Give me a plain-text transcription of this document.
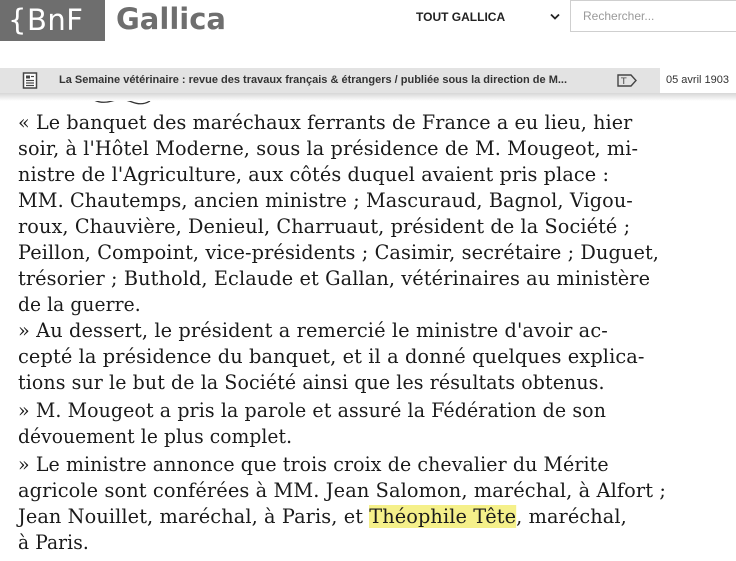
{BnF	Gallica	TOUT GALLICA
Rechercher...
La Semaine vétérinaire : revue des travaux français & étrangers / publiée sous la direction de M...	T	05 avril 1903
« Le banquet des maréchaux ferrants de France a eu lieu, hier
soir, à l'Hôtel Moderne, sous la présidence de M. Mougeot, mi-
nistre de l'Agriculture, aux côtés duquel avaient pris place :
MM. Chautemps, ancien ministre ; Mascuraud, Bagnol, Vigou-
roux, Chauvière, Denieul, Charruaut, président de la Société ;
Peillon, Compoint, vice-présidents ; Casimir, secrétaire ; Duguet,
trésorier ; Buthold, Eclaude et Gallan, vétérinaires au ministère
de la guerre.
» Au dessert, le président a remercié le ministre d'avoir ac-
cepté la présidence du banquet, et il a donné quelques explica-
tions sur le but de la Société ainsi que les résultats obtenus.
» M. Mougeot a pris la parole et assuré la Fédération de son
dévouement le plus complet.
» Le ministre annonce que trois croix de chevalier du Mérite
agricole sont conférées à MM. Jean Salomon, maréchal, à Alfort ;
Jean Nouillet, maréchal, à Paris, et Théophile Tête, maréchal,
à Paris.
